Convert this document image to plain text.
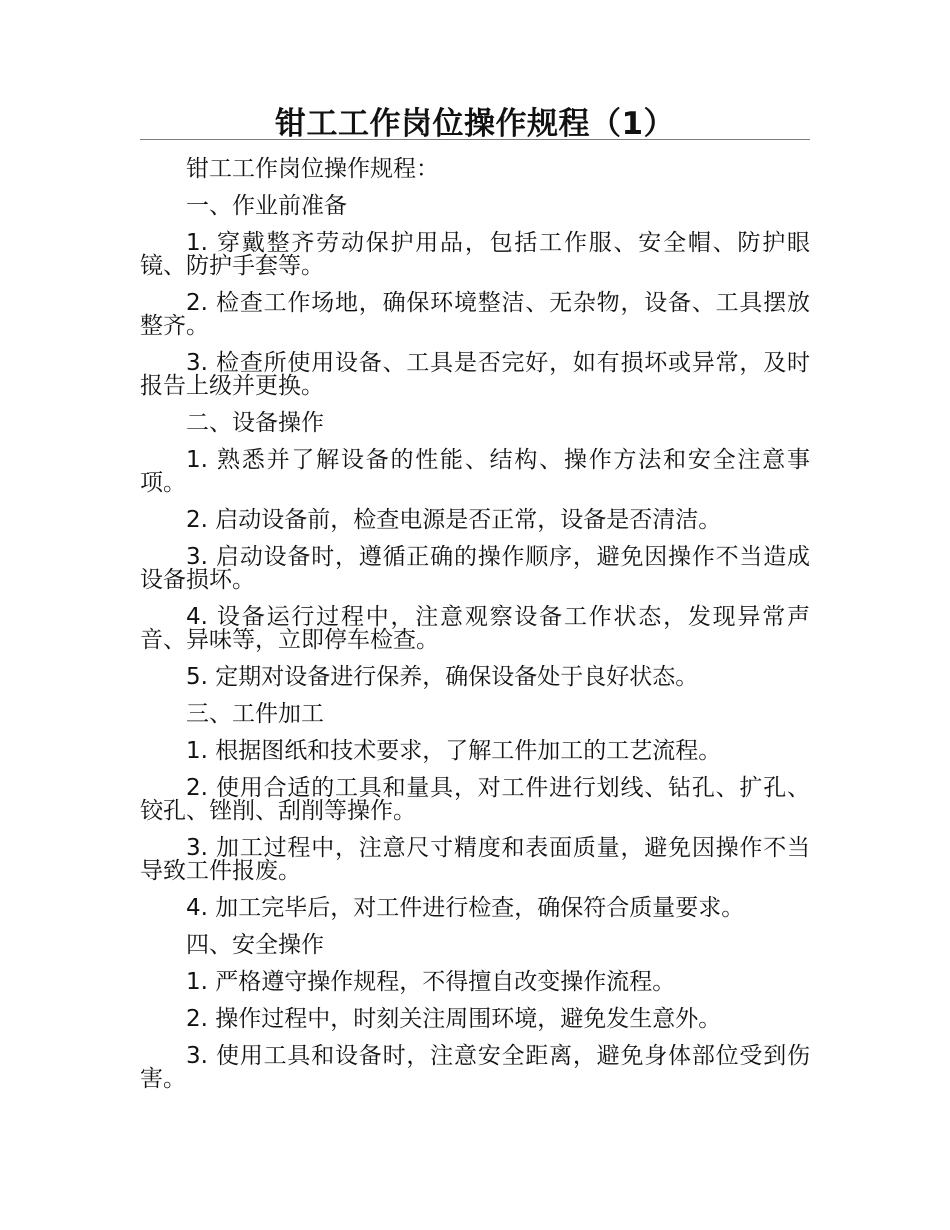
钳工工作岗位操作规程（1）

钳工工作岗位操作规程：

一、作业前准备

1. 穿戴整齐劳动保护用品，包括工作服、安全帽、防护眼镜、防护手套等。

2. 检查工作场地，确保环境整洁、无杂物，设备、工具摆放整齐。

3. 检查所使用设备、工具是否完好，如有损坏或异常，及时报告上级并更换。

二、设备操作

1. 熟悉并了解设备的性能、结构、操作方法和安全注意事项。

2. 启动设备前，检查电源是否正常，设备是否清洁。

3. 启动设备时，遵循正确的操作顺序，避免因操作不当造成设备损坏。

4. 设备运行过程中，注意观察设备工作状态，发现异常声音、异味等，立即停车检查。

5. 定期对设备进行保养，确保设备处于良好状态。

三、工件加工

1. 根据图纸和技术要求，了解工件加工的工艺流程。

2. 使用合适的工具和量具，对工件进行划线、钻孔、扩孔、铰孔、锉削、刮削等操作。

3. 加工过程中，注意尺寸精度和表面质量，避免因操作不当导致工件报废。

4. 加工完毕后，对工件进行检查，确保符合质量要求。

四、安全操作

1. 严格遵守操作规程，不得擅自改变操作流程。

2. 操作过程中，时刻关注周围环境，避免发生意外。

3. 使用工具和设备时，注意安全距离，避免身体部位受到伤害。
